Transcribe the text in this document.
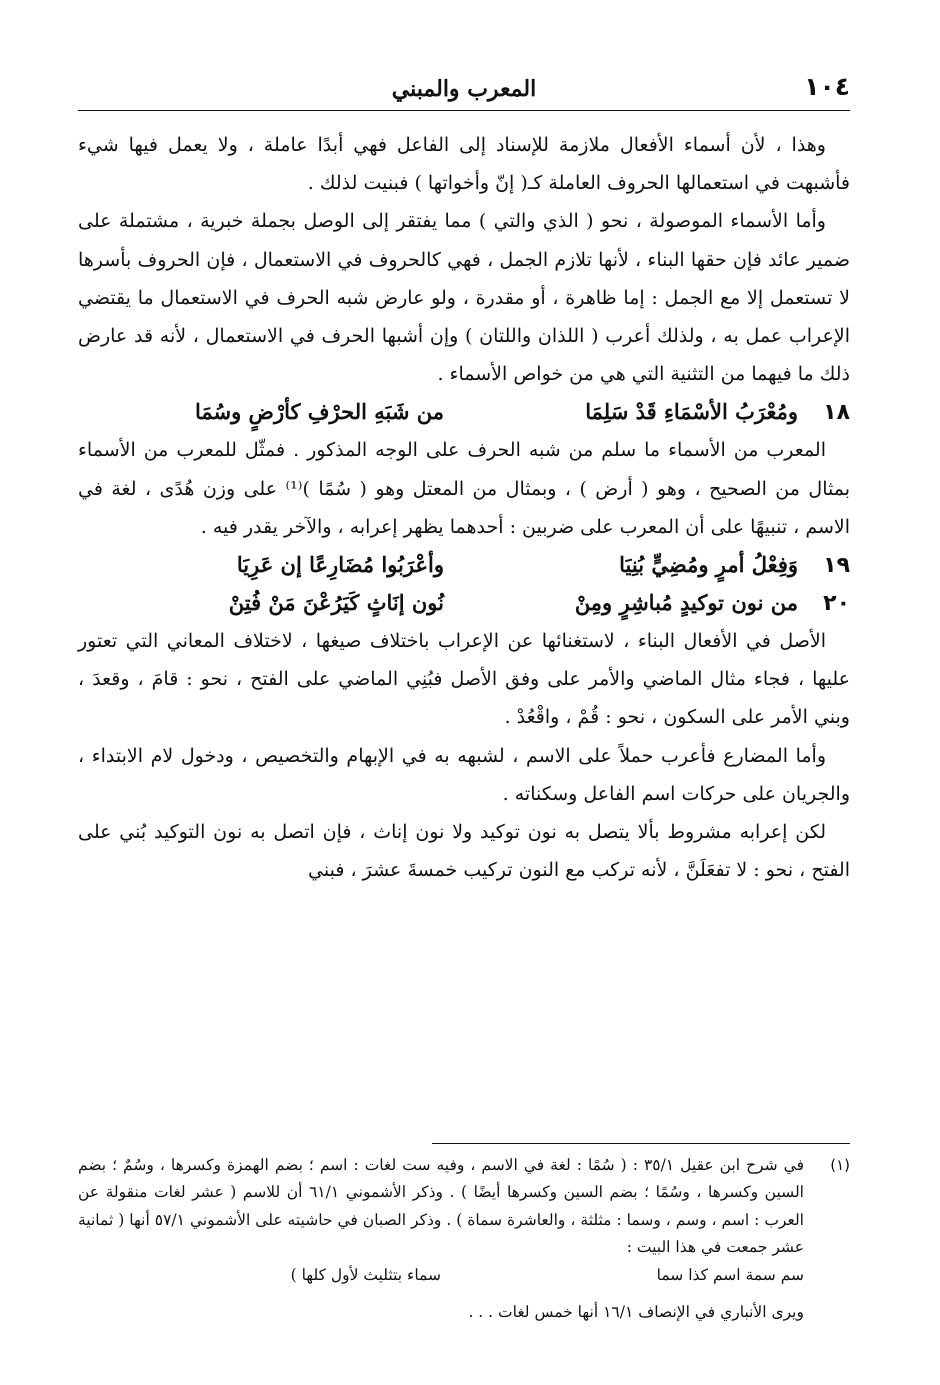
١٠٤
المعرب والمبني

وهذا ، لأن أسماء الأفعال ملازمة للإسناد إلى الفاعل فهي أبدًا عاملة ، ولا يعمل فيها شيء فأشبهت في استعمالها الحروف العاملة كـ( إنّ وأخواتها ) فبنيت لذلك .

وأما الأسماء الموصولة ، نحو ( الذي والتي ) مما يفتقر إلى الوصل بجملة خبرية ، مشتملة على ضمير عائد فإن حقها البناء ، لأنها تلازم الجمل ، فهي كالحروف في الاستعمال ، فإن الحروف بأسرها لا تستعمل إلا مع الجمل : إما ظاهرة ، أو مقدرة ، ولو عارض شبه الحرف في الاستعمال ما يقتضي الإعراب عمل به ، ولذلك أعرب ( اللذان واللتان ) وإن أشبها الحرف في الاستعمال ، لأنه قد عارض ذلك ما فيهما من التثنية التي هي من خواص الأسماء .

١٨
ومُعْرَبُ الأسْمَاءِ قَدْ سَلِمَا
من شَبَهِ الحرْفِ كأرْضٍ وسُمَا

المعرب من الأسماء ما سلم من شبه الحرف على الوجه المذكور . فمثّل للمعرب من الأسماء بمثال من الصحيح ، وهو ( أرض ) ، وبمثال من المعتل وهو ( سُمًا )⁽¹⁾ على وزن هُدًى ، لغة في الاسم ، تنبيهًا على أن المعرب على ضربين : أحدهما يظهر إعرابه ، والآخر يقدر فيه .

١٩
وَفِعْلُ أمرٍ ومُضِيٍّ بُنِيَا
وأعْرَبُوا مُضَارِعًا إن عَرِيَا
٢٠
من نون توكيدٍ مُباشِرٍ ومِنْ
نُون إنَاثٍ كَيَرُعْنَ مَنْ فُتِنْ

الأصل في الأفعال البناء ، لاستغنائها عن الإعراب باختلاف صيغها ، لاختلاف المعاني التي تعتور عليها ، فجاء مثال الماضي والأمر على وفق الأصل فبُنِي الماضي على الفتح ، نحو : قامَ ، وقعدَ ، وبني الأمر على السكون ، نحو : قُمْ ، واقْعُدْ .

وأما المضارع فأعرب حملاً على الاسم ، لشبهه به في الإبهام والتخصيص ، ودخول لام الابتداء ، والجريان على حركات اسم الفاعل وسكناته .

لكن إعرابه مشروط بألا يتصل به نون توكيد ولا نون إناث ، فإن اتصل به نون التوكيد بُني على الفتح ، نحو : لا تفعَلَنَّ ، لأنه تركب مع النون تركيب خمسةَ عشرَ ، فبني

(١)
في شرح ابن عقيل ٣٥/١ : ( سُمًا : لغة في الاسم ، وفيه ست لغات : اسم ؛ بضم الهمزة وكسرها ، وسُمٌ ؛ بضم السين وكسرها ، وسُمًا ؛ بضم السين وكسرها أيضًا ) . وذكر الأشموني ٦١/١ أن للاسم ( عشر لغات منقولة عن العرب : اسم ، وسم ، وسما : مثلثة ، والعاشرة سماة ) . وذكر الصبان في حاشيته على الأشموني ٥٧/١ أنها ( ثمانية عشر جمعت في هذا البيت :
سم سمة اسم كذا سما
سماء بتثليث لأول كلها )
ويرى الأنباري في الإنصاف ١٦/١ أنها خمس لغات . . .
